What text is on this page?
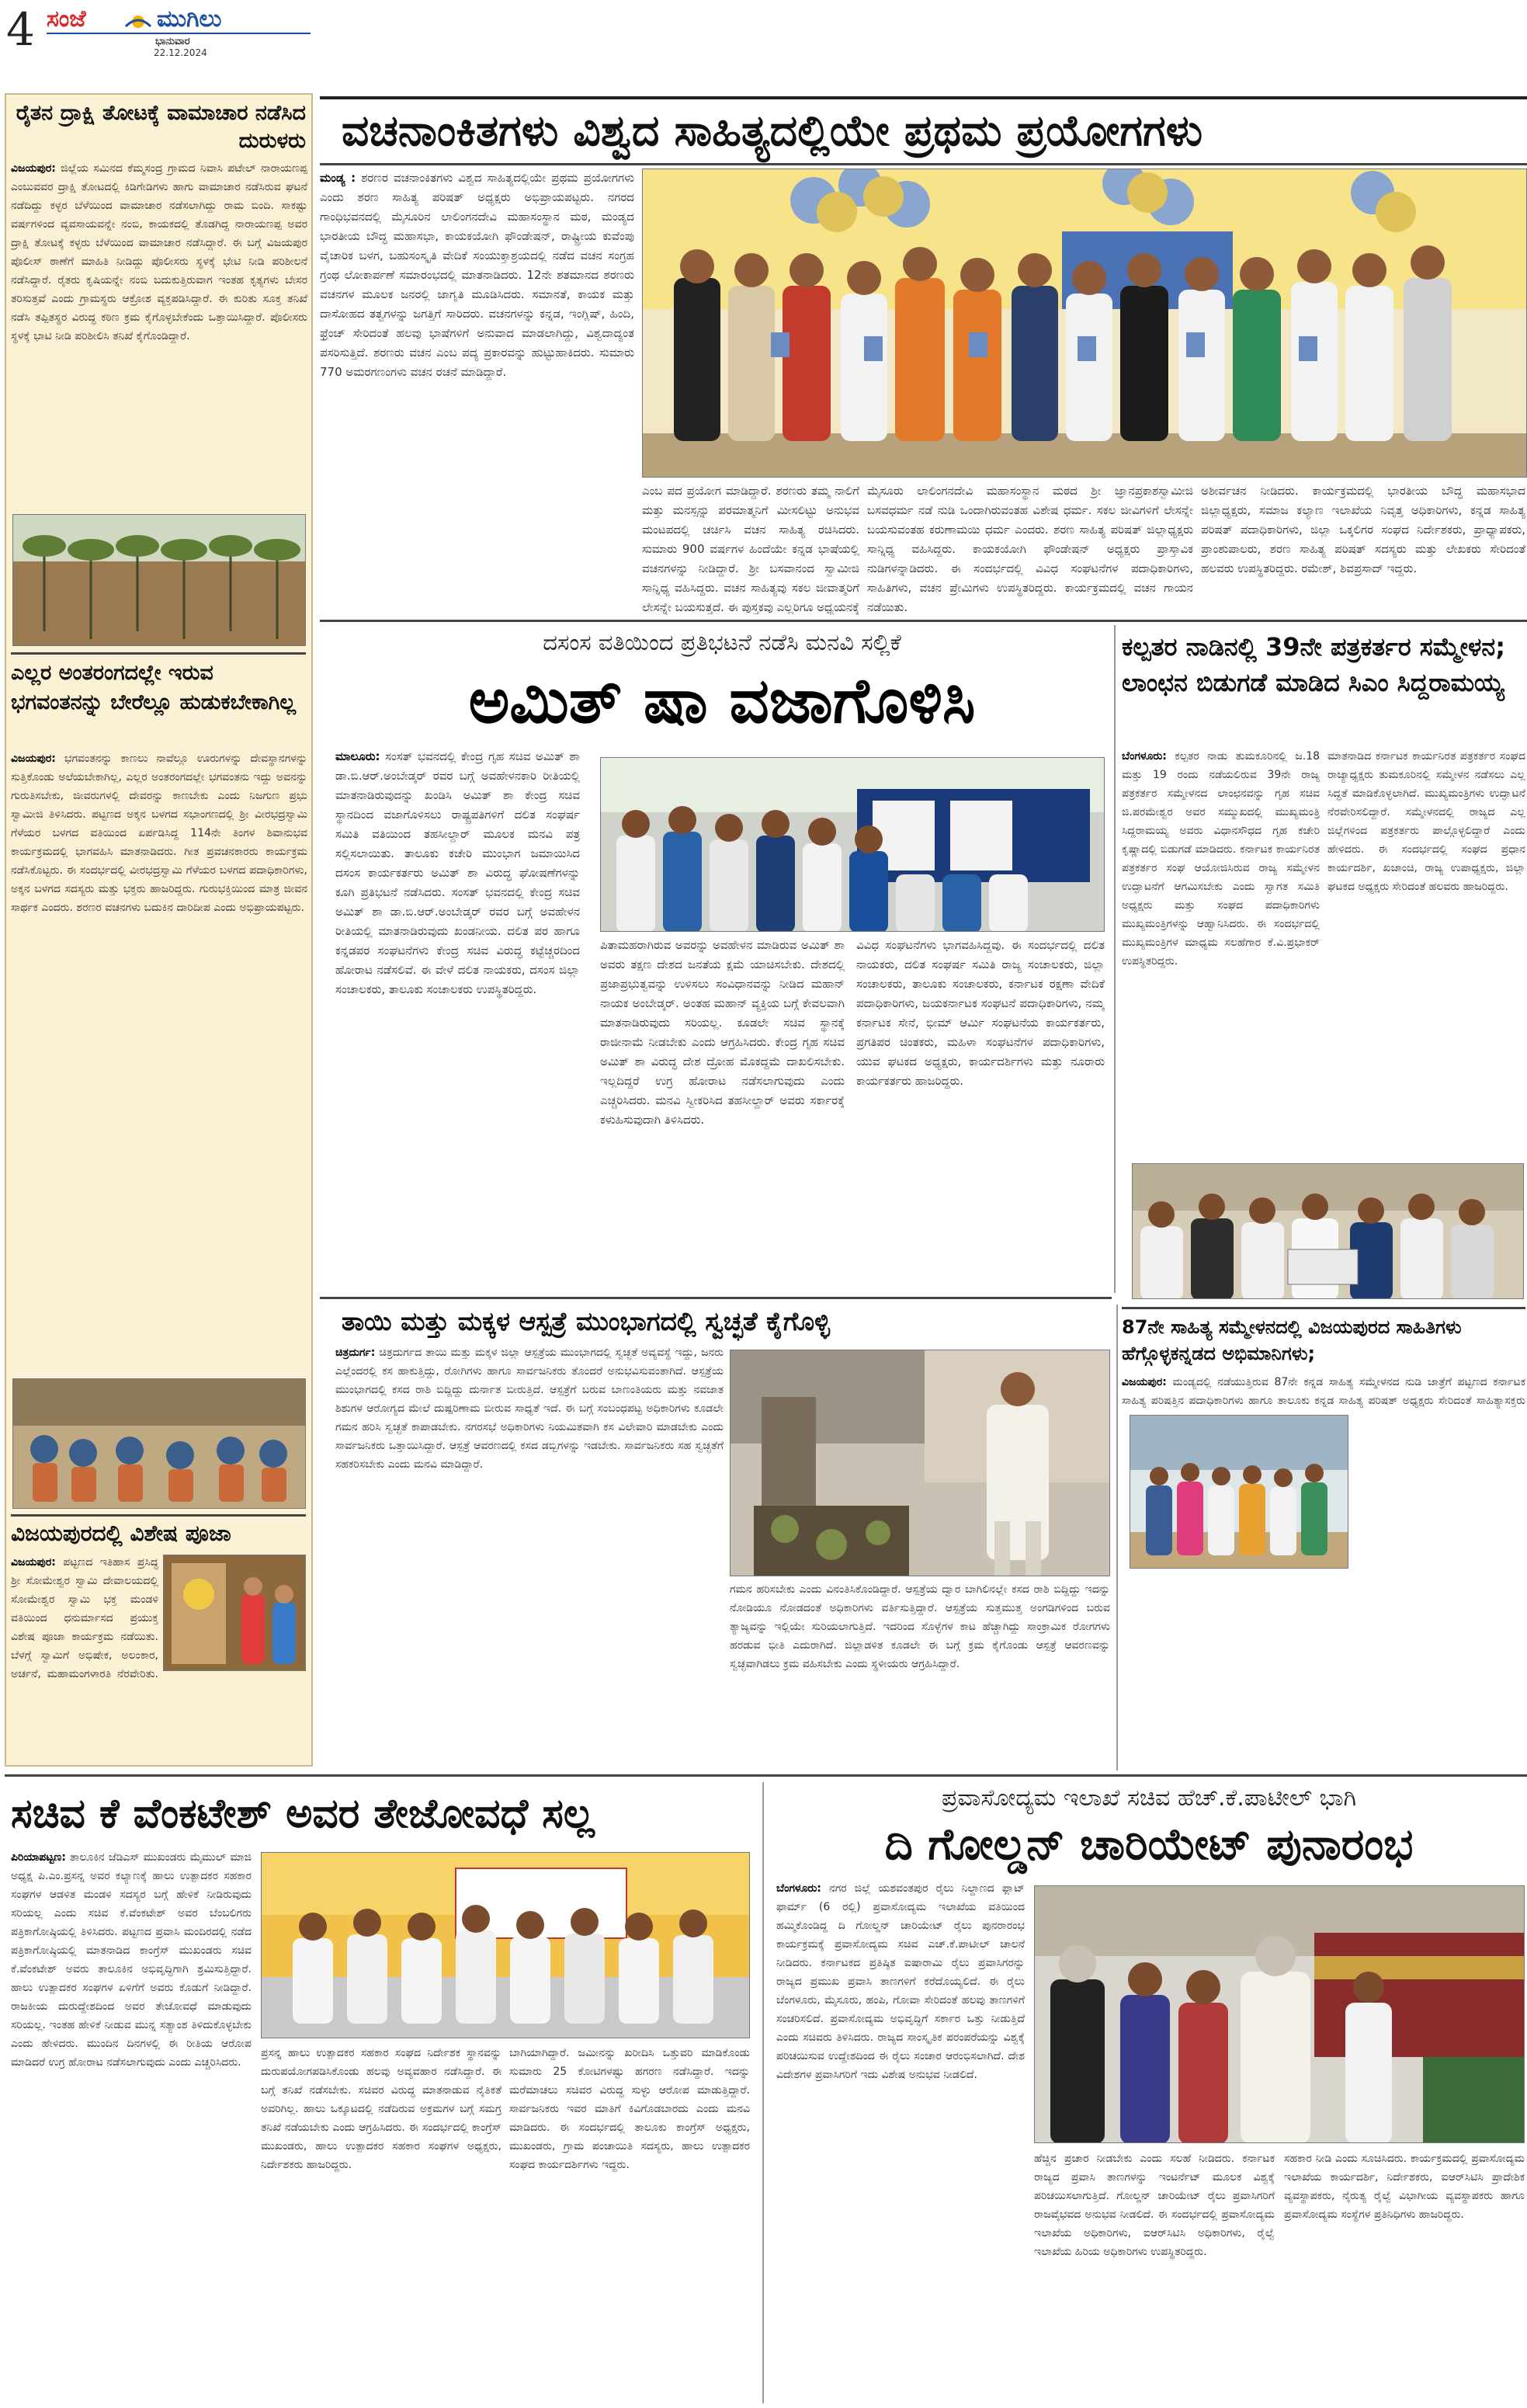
4 ಸಂಜೆ	ಮುಗಿಲು
ಭಾನುವಾರ
22.12.2024
ರೈತನ ದ್ರಾಕ್ಷಿ ತೋಟಕ್ಕೆ ವಾಮಾಚಾರ ನಡೆಸಿದ ದುರುಳರು
ವಿಜಯಪುರ: ಜಿಲ್ಲೆಯ ಸವಿುನದ ಕೆಮ್ಮಸಂದ್ರ ಗ್ರಾಮದ ನಿವಾಸಿ ಪಟೇಲ್ ನಾರಾಯಣಪ್ಪ ಎಂಬುವವರ ದ್ರಾಕ್ಷಿ ತೋಟದಲ್ಲಿ ಕಿಡಿಗೇಡಿಗಳು ಹಾಗು ವಾಮಾಚಾರ ನಡೆಸಿರುವ ಘಟನೆ ನಡೆದಿದ್ದು ಕಳ್ಳರ ಬೆಳೆಯಿಂದ ವಾಮಾಚಾರ ನಡೆಸಲಾಗಿದ್ದು ರಾಮ ಬಿಂದಿ. ಸಾಕಷ್ಟು ವರ್ಷಗಳಿಂದ ವ್ಯವಸಾಯವನ್ನೇ ನಂಬಿ, ಕಾಯಕದಲ್ಲಿ ತೊಡಗಿದ್ದ ನಾರಾಯಣಪ್ಪ ಅವರ ದ್ರಾಕ್ಷಿ ತೋಟಕ್ಕೆ ಕಳ್ಳರು ಬೆಳೆಯಿಂದ ವಾಮಾಚಾರ ನಡೆಸಿದ್ದಾರೆ. ಈ ಬಗ್ಗೆ ವಿಜಯಪುರ ಪೊಲೀಸ್ ಠಾಣೆಗೆ ಮಾಹಿತಿ ನೀಡಿದ್ದು ಪೊಲೀಸರು ಸ್ಥಳಕ್ಕೆ ಭೇಟಿ ನೀಡಿ ಪರಿಶೀಲನೆ ನಡೆಸಿದ್ದಾರೆ. ರೈತರು ಕೃಷಿಯನ್ನೇ ನಂಬಿ ಬದುಕುತ್ತಿರುವಾಗ ಇಂತಹ ಕೃತ್ಯಗಳು ಬೇಸರ ತರಿಸುತ್ತವೆ ಎಂದು ಗ್ರಾಮಸ್ಥರು ಆಕ್ರೋಶ ವ್ಯಕ್ತಪಡಿಸಿದ್ದಾರೆ. ಈ ಕುರಿತು ಸೂಕ್ತ ತನಿಖೆ ನಡೆಸಿ ತಪ್ಪಿತಸ್ಥರ ವಿರುದ್ಧ ಕಠಿಣ ಕ್ರಮ ಕೈಗೊಳ್ಳಬೇಕೆಂದು ಒತ್ತಾಯಿಸಿದ್ದಾರೆ. ಪೊಲೀಸರು ಸ್ಥಳಕ್ಕೆ ಭಾಟಿ ನೀಡಿ ಪರಿಶೀಲಿಸಿ ತನಿಖೆ ಕೈಗೊಂಡಿದ್ದಾರೆ.
ಎಲ್ಲರ ಅಂತರಂಗದಲ್ಲೇ ಇರುವ ಭಗವಂತನನ್ನು ಬೇರೆಲ್ಲೂ ಹುಡುಕಬೇಕಾಗಿಲ್ಲ
ವಿಜಯಪುರ: ಭಗವಂತನನ್ನು ಕಾಣಲು ನಾವೆಲ್ಲೂ ಊರುಗಳನ್ನು ದೇವಸ್ಥಾನಗಳನ್ನು ಸುತ್ತಿಕೊಂಡು ಅಲೆಯಬೇಕಾಗಿಲ್ಲ, ಎಲ್ಲರ ಅಂತರಂಗದಲ್ಲೇ ಭಗವಂತನು ಇದ್ದು ಅವನನ್ನು ಗುರುತಿಸಬೇಕು, ಜೀವರುಗಳಲ್ಲಿ ದೇವರನ್ನು ಕಾಣಬೇಕು ಎಂದು ನಿಜಗುಣ ಪ್ರಭು ಸ್ವಾಮೀಜಿ ತಿಳಿಸಿದರು. ಪಟ್ಟಣದ ಅಕ್ಕನ ಬಳಗದ ಸಭಾಂಗಣದಲ್ಲಿ ಶ್ರೀ ವೀರಭದ್ರಸ್ವಾಮಿ ಗೆಳೆಯರ ಬಳಗದ ವತಿಯಿಂದ ಏರ್ಪಡಿಸಿದ್ದ 114ನೇ ತಿಂಗಳ ಶಿವಾನುಭವ ಕಾರ್ಯಕ್ರಮದಲ್ಲಿ ಭಾಗವಹಿಸಿ ಮಾತನಾಡಿದರು. ಗೀತ ಪ್ರವಚನಕಾರರು ಕಾರ್ಯಕ್ರಮ ನಡೆಸಿಕೊಟ್ಟರು. ಈ ಸಂದರ್ಭದಲ್ಲಿ ವೀರಭದ್ರಸ್ವಾಮಿ ಗೆಳೆಯರ ಬಳಗದ ಪದಾಧಿಕಾರಿಗಳು, ಅಕ್ಕನ ಬಳಗದ ಸದಸ್ಯರು ಮತ್ತು ಭಕ್ತರು ಹಾಜರಿದ್ದರು. ಗುರುಭಕ್ತಿಯಿಂದ ಮಾತ್ರ ಜೀವನ ಸಾರ್ಥಕ ಎಂದರು. ಶರಣರ ವಚನಗಳು ಬದುಕಿನ ದಾರಿದೀಪ ಎಂದು ಅಭಿಪ್ರಾಯಪಟ್ಟರು.
ವಿಜಯಪುರದಲ್ಲಿ ವಿಶೇಷ ಪೂಜಾ
ವಿಜಯಪುರ: ಪಟ್ಟಣದ ಇತಿಹಾಸ ಪ್ರಸಿದ್ಧ ಶ್ರೀ ಸೋಮೇಶ್ವರ ಸ್ವಾಮಿ ದೇವಾಲಯದಲ್ಲಿ ಸೋಮೇಶ್ವರ ಸ್ವಾಮಿ ಭಕ್ತ ಮಂಡಳಿ ವತಿಯಿಂದ ಧನುರ್ಮಾಸದ ಪ್ರಯುಕ್ತ ವಿಶೇಷ ಪೂಜಾ ಕಾರ್ಯಕ್ರಮ ನಡೆಯಿತು. ಬೆಳಗ್ಗೆ ಸ್ವಾಮಿಗೆ ಅಭಿಷೇಕ, ಅಲಂಕಾರ, ಅರ್ಚನೆ, ಮಹಾಮಂಗಳಾರತಿ ನೆರವೇರಿತು.
ವಚನಾಂಕಿತಗಳು ವಿಶ್ವದ ಸಾಹಿತ್ಯದಲ್ಲಿಯೇ ಪ್ರಥಮ ಪ್ರಯೋಗಗಳು
ಮಂಡ್ಯ : ಶರಣರ ವಚನಾಂಕಿತಗಳು ವಿಶ್ವದ ಸಾಹಿತ್ಯದಲ್ಲಿಯೇ ಪ್ರಥಮ ಪ್ರಯೋಗಗಳು ಎಂದು ಶರಣ ಸಾಹಿತ್ಯ ಪರಿಷತ್ ಅಧ್ಯಕ್ಷರು ಅಭಿಪ್ರಾಯಪಟ್ಟರು. ನಗರದ ಗಾಂಧಿಭವನದಲ್ಲಿ ಮೈಸೂರಿನ ಲಾಲಿಂಗನದೇವಿ ಮಹಾಸಂಸ್ಥಾನ ಮಠ, ಮಂಡ್ಯದ ಭಾರತೀಯ ಬೌದ್ಧ ಮಹಾಸಭಾ, ಕಾಯಕಯೋಗಿ ಫೌಂಡೇಷನ್, ರಾಷ್ಟ್ರೀಯ ಕುವೆಂಪು ವೈಚಾರಿಕ ಬಳಗ, ಬಹುಸಂಸ್ಕೃತಿ ವೇದಿಕೆ ಸಂಯುಕ್ತಾಶ್ರಯದಲ್ಲಿ ನಡೆದ ವಚನ ಸಂಗ್ರಹ ಗ್ರಂಥ ಲೋಕಾರ್ಪಣೆ ಸಮಾರಂಭದಲ್ಲಿ ಮಾತನಾಡಿದರು. 12ನೇ ಶತಮಾನದ ಶರಣರು ವಚನಗಳ ಮೂಲಕ ಜನರಲ್ಲಿ ಜಾಗೃತಿ ಮೂಡಿಸಿದರು. ಸಮಾನತೆ, ಕಾಯಕ ಮತ್ತು ದಾಸೋಹದ ತತ್ವಗಳನ್ನು ಜಗತ್ತಿಗೆ ಸಾರಿದರು. ವಚನಗಳನ್ನು ಕನ್ನಡ, ಇಂಗ್ಲಿಷ್, ಹಿಂದಿ, ಫ್ರೆಂಚ್ ಸೇರಿದಂತೆ ಹಲವು ಭಾಷೆಗಳಿಗೆ ಅನುವಾದ ಮಾಡಲಾಗಿದ್ದು, ವಿಶ್ವದಾದ್ಯಂತ ಪಸರಿಸುತ್ತಿದೆ. ಶರಣರು ವಚನ ಎಂಬ ಪದ್ಯ ಪ್ರಕಾರವನ್ನು ಹುಟ್ಟುಹಾಕಿದರು. ಸುಮಾರು 770 ಅಮರಗಣಂಗಳು ವಚನ ರಚನೆ ಮಾಡಿದ್ದಾರೆ.
ಎಂಬ ಪದ ಪ್ರಯೋಗ ಮಾಡಿದ್ದಾರೆ. ಶರಣರು ತಮ್ಮ ನಾಲಿಗೆ ಮತ್ತು ಮನಸ್ಸನ್ನು ಪರಮಾತ್ಮನಿಗೆ ಮೀಸಲಿಟ್ಟು ಅನುಭವ ಮಂಟಪದಲ್ಲಿ ಚರ್ಚಿಸಿ ವಚನ ಸಾಹಿತ್ಯ ರಚಿಸಿದರು. ಸುಮಾರು 900 ವರ್ಷಗಳ ಹಿಂದೆಯೇ ಕನ್ನಡ ಭಾಷೆಯಲ್ಲಿ ವಚನಗಳನ್ನು ನೀಡಿದ್ದಾರೆ. ಶ್ರೀ ಬಸವಾನಂದ ಸ್ವಾಮೀಜಿ ಸಾನ್ನಿಧ್ಯ ವಹಿಸಿದ್ದರು. ವಚನ ಸಾಹಿತ್ಯವು ಸಕಲ ಜೀವಾತ್ಮರಿಗೆ ಲೇಸನ್ನೇ ಬಯಸುತ್ತದೆ. ಈ ಪುಸ್ತಕವು ಎಲ್ಲರಿಗೂ ಅಧ್ಯಯನಕ್ಕೆ
ಮೈಸೂರು ಲಾಲಿಂಗನದೇವಿ ಮಹಾಸಂಸ್ಥಾನ ಮಠದ ಶ್ರೀ ಜ್ಞಾನಪ್ರಕಾಶಸ್ವಾಮೀಜಿ ಬಸವಧರ್ಮ ನಡೆ ನುಡಿ ಒಂದಾಗಿರುವಂತಹ ವಿಶೇಷ ಧರ್ಮ. ಸಕಲ ಜೀವಿಗಳಿಗೆ ಲೇಸನ್ನೇ ಬಯಸುವಂತಹ ಕರುಣಾಮಯಿ ಧರ್ಮ ಎಂದರು. ಶರಣ ಸಾಹಿತ್ಯ ಪರಿಷತ್ ಜಿಲ್ಲಾಧ್ಯಕ್ಷರು ಸಾನ್ನಿಧ್ಯ ವಹಿಸಿದ್ದರು. ಕಾಯಕಯೋಗಿ ಫೌಂಡೇಷನ್ ಅಧ್ಯಕ್ಷರು ಪ್ರಾಸ್ತಾವಿಕ ನುಡಿಗಳನ್ನಾಡಿದರು. ಈ ಸಂದರ್ಭದಲ್ಲಿ ವಿವಿಧ ಸಂಘಟನೆಗಳ ಪದಾಧಿಕಾರಿಗಳು, ಸಾಹಿತಿಗಳು, ವಚನ ಪ್ರೇಮಿಗಳು ಉಪಸ್ಥಿತರಿದ್ದರು. ಕಾರ್ಯಕ್ರಮದಲ್ಲಿ ವಚನ ಗಾಯನ ನಡೆಯಿತು.
ಅಶೀರ್ವಚನ ನೀಡಿದರು. ಕಾರ್ಯಕ್ರಮದಲ್ಲಿ ಭಾರತೀಯ ಬೌದ್ಧ ಮಹಾಸಭಾದ ಜಿಲ್ಲಾಧ್ಯಕ್ಷರು, ಸಮಾಜ ಕಲ್ಯಾಣ ಇಲಾಖೆಯ ನಿವೃತ್ತ ಅಧಿಕಾರಿಗಳು, ಕನ್ನಡ ಸಾಹಿತ್ಯ ಪರಿಷತ್ ಪದಾಧಿಕಾರಿಗಳು, ಜಿಲ್ಲಾ ಒಕ್ಕಲಿಗರ ಸಂಘದ ನಿರ್ದೇಶಕರು, ಪ್ರಾಧ್ಯಾಪಕರು, ಪ್ರಾಂಶುಪಾಲರು, ಶರಣ ಸಾಹಿತ್ಯ ಪರಿಷತ್ ಸದಸ್ಯರು ಮತ್ತು ಲೇಖಕರು ಸೇರಿದಂತೆ ಹಲವರು ಉಪಸ್ಥಿತರಿದ್ದರು. ರಮೇಶ್, ಶಿವಪ್ರಸಾದ್ ಇದ್ದರು.
ದಸಂಸ ವತಿಯಿಂದ ಪ್ರತಿಭಟನೆ ನಡೆಸಿ ಮನವಿ ಸಲ್ಲಿಕೆ
ಅಮಿತ್ ಷಾ ವಜಾಗೊಳಿಸಿ
ಮಾಲೂರು: ಸಂಸತ್ ಭವನದಲ್ಲಿ ಕೇಂದ್ರ ಗೃಹ ಸಚಿವ ಅಮಿತ್ ಶಾ ಡಾ.ಬಿ.ಆರ್.ಅಂಬೇಡ್ಕರ್ ರವರ ಬಗ್ಗೆ ಅವಹೇಳನಕಾರಿ ರೀತಿಯಲ್ಲಿ ಮಾತನಾಡಿರುವುದನ್ನು ಖಂಡಿಸಿ ಅಮಿತ್ ಶಾ ಕೇಂದ್ರ ಸಚಿವ ಸ್ಥಾನದಿಂದ ವಜಾಗೊಳಿಸಲು ರಾಷ್ಟ್ರಪತಿಗಳಿಗೆ ದಲಿತ ಸಂಘರ್ಷ ಸಮಿತಿ ವತಿಯಿಂದ ತಹಸೀಲ್ದಾರ್ ಮೂಲಕ ಮನವಿ ಪತ್ರ ಸಲ್ಲಿಸಲಾಯಿತು. ತಾಲೂಕು ಕಚೇರಿ ಮುಂಭಾಗ ಜಮಾಯಿಸಿದ ದಸಂಸ ಕಾರ್ಯಕರ್ತರು ಅಮಿತ್ ಶಾ ವಿರುದ್ಧ ಘೋಷಣೆಗಳನ್ನು ಕೂಗಿ ಪ್ರತಿಭಟನೆ ನಡೆಸಿದರು. ಸಂಸತ್ ಭವನದಲ್ಲಿ ಕೇಂದ್ರ ಸಚಿವ ಅಮಿತ್ ಶಾ ಡಾ.ಬಿ.ಆರ್.ಅಂಬೇಡ್ಕರ್ ರವರ ಬಗ್ಗೆ ಅವಹೇಳನ ರೀತಿಯಲ್ಲಿ ಮಾತನಾಡಿರುವುದು ಖಂಡನೀಯ. ದಲಿತ ಪರ ಹಾಗೂ ಕನ್ನಡಪರ ಸಂಘಟನೆಗಳು ಕೇಂದ್ರ ಸಚಿವ ವಿರುದ್ಧ ಕಟ್ಟೆಚ್ಚರದಿಂದ ಹೋರಾಟ ನಡೆಸಲಿವೆ. ಈ ವೇಳೆ ದಲಿತ ನಾಯಕರು, ದಸಂಸ ಜಿಲ್ಲಾ ಸಂಚಾಲಕರು, ತಾಲೂಕು ಸಂಚಾಲಕರು ಉಪಸ್ಥಿತರಿದ್ದರು.
ಪಿತಾಮಹರಾಗಿರುವ ಅವರನ್ನು ಅವಹೇಳನ ಮಾಡಿರುವ ಅಮಿತ್ ಶಾ ಅವರು ತಕ್ಷಣ ದೇಶದ ಜನತೆಯ ಕ್ಷಮೆ ಯಾಚಿಸಬೇಕು. ದೇಶದಲ್ಲಿ ಪ್ರಜಾಪ್ರಭುತ್ವವನ್ನು ಉಳಿಸಲು ಸಂವಿಧಾನವನ್ನು ನೀಡಿದ ಮಹಾನ್ ನಾಯಕ ಅಂಬೇಡ್ಕರ್. ಅಂತಹ ಮಹಾನ್ ವ್ಯಕ್ತಿಯ ಬಗ್ಗೆ ಕೇವಲವಾಗಿ ಮಾತನಾಡಿರುವುದು ಸರಿಯಲ್ಲ. ಕೂಡಲೇ ಸಚಿವ ಸ್ಥಾನಕ್ಕೆ ರಾಜೀನಾಮೆ ನೀಡಬೇಕು ಎಂದು ಆಗ್ರಹಿಸಿದರು. ಕೇಂದ್ರ ಗೃಹ ಸಚಿವ ಅಮಿತ್ ಶಾ ವಿರುದ್ಧ ದೇಶ ದ್ರೋಹ ಮೊಕದ್ದಮೆ ದಾಖಲಿಸಬೇಕು. ಇಲ್ಲದಿದ್ದರೆ ಉಗ್ರ ಹೋರಾಟ ನಡೆಸಲಾಗುವುದು ಎಂದು ಎಚ್ಚರಿಸಿದರು. ಮನವಿ ಸ್ವೀಕರಿಸಿದ ತಹಸೀಲ್ದಾರ್ ಅವರು ಸರ್ಕಾರಕ್ಕೆ ಕಳುಹಿಸುವುದಾಗಿ ತಿಳಿಸಿದರು.
ವಿವಿಧ ಸಂಘಟನೆಗಳು ಭಾಗವಹಿಸಿದ್ದವು. ಈ ಸಂದರ್ಭದಲ್ಲಿ ದಲಿತ ನಾಯಕರು, ದಲಿತ ಸಂಘರ್ಷ ಸಮಿತಿ ರಾಜ್ಯ ಸಂಚಾಲಕರು, ಜಿಲ್ಲಾ ಸಂಚಾಲಕರು, ತಾಲೂಕು ಸಂಚಾಲಕರು, ಕರ್ನಾಟಕ ರಕ್ಷಣಾ ವೇದಿಕೆ ಪದಾಧಿಕಾರಿಗಳು, ಜಯಕರ್ನಾಟಕ ಸಂಘಟನೆ ಪದಾಧಿಕಾರಿಗಳು, ನಮ್ಮ ಕರ್ನಾಟಕ ಸೇನೆ, ಭೀಮ್ ಆರ್ಮಿ ಸಂಘಟನೆಯ ಕಾರ್ಯಕರ್ತರು, ಪ್ರಗತಿಪರ ಚಿಂತಕರು, ಮಹಿಳಾ ಸಂಘಟನೆಗಳ ಪದಾಧಿಕಾರಿಗಳು, ಯುವ ಘಟಕದ ಅಧ್ಯಕ್ಷರು, ಕಾರ್ಯದರ್ಶಿಗಳು ಮತ್ತು ನೂರಾರು ಕಾರ್ಯಕರ್ತರು ಹಾಜರಿದ್ದರು.
ಕಲ್ಪತರ ನಾಡಿನಲ್ಲಿ 39ನೇ ಪತ್ರಕರ್ತರ ಸಮ್ಮೇಳನ; ಲಾಂಛನ ಬಿಡುಗಡೆ ಮಾಡಿದ ಸಿಎಂ ಸಿದ್ದರಾಮಯ್ಯ
ಬೆಂಗಳೂರು: ಕಲ್ಪತರ ನಾಡು ತುಮಕೂರಿನಲ್ಲಿ ಜ.18 ಮತ್ತು 19 ರಂದು ನಡೆಯಲಿರುವ 39ನೇ ರಾಜ್ಯ ಪತ್ರಕರ್ತರ ಸಮ್ಮೇಳನದ ಲಾಂಛನವನ್ನು ಗೃಹ ಸಚಿವ ಜಿ.ಪರಮೇಶ್ವರ ಅವರ ಸಮ್ಮುಖದಲ್ಲಿ ಮುಖ್ಯಮಂತ್ರಿ ಸಿದ್ದರಾಮಯ್ಯ ಅವರು ವಿಧಾನಸೌಧದ ಗೃಹ ಕಚೇರಿ ಕೃಷ್ಣಾದಲ್ಲಿ ಬಿಡುಗಡೆ ಮಾಡಿದರು. ಕರ್ನಾಟಕ ಕಾರ್ಯನಿರತ ಪತ್ರಕರ್ತರ ಸಂಘ ಆಯೋಜಿಸಿರುವ ರಾಜ್ಯ ಸಮ್ಮೇಳನ ಉದ್ಘಾಟನೆಗೆ ಆಗಮಿಸಬೇಕು ಎಂದು ಸ್ವಾಗತ ಸಮಿತಿ ಅಧ್ಯಕ್ಷರು ಮತ್ತು ಸಂಘದ ಪದಾಧಿಕಾರಿಗಳು ಮುಖ್ಯಮಂತ್ರಿಗಳನ್ನು ಆಹ್ವಾನಿಸಿದರು. ಈ ಸಂದರ್ಭದಲ್ಲಿ ಮುಖ್ಯಮಂತ್ರಿಗಳ ಮಾಧ್ಯಮ ಸಲಹೆಗಾರ ಕೆ.ವಿ.ಪ್ರಭಾಕರ್ ಉಪಸ್ಥಿತರಿದ್ದರು.
ಮಾತನಾಡಿದ ಕರ್ನಾಟಕ ಕಾರ್ಯನಿರತ ಪತ್ರಕರ್ತರ ಸಂಘದ ರಾಜ್ಯಾಧ್ಯಕ್ಷರು ತುಮಕೂರಿನಲ್ಲಿ ಸಮ್ಮೇಳನ ನಡೆಸಲು ಎಲ್ಲ ಸಿದ್ಧತೆ ಮಾಡಿಕೊಳ್ಳಲಾಗಿದೆ. ಮುಖ್ಯಮಂತ್ರಿಗಳು ಉದ್ಘಾಟನೆ ನೆರವೇರಿಸಲಿದ್ದಾರೆ. ಸಮ್ಮೇಳನದಲ್ಲಿ ರಾಜ್ಯದ ಎಲ್ಲ ಜಿಲ್ಲೆಗಳಿಂದ ಪತ್ರಕರ್ತರು ಪಾಲ್ಗೊಳ್ಳಲಿದ್ದಾರೆ ಎಂದು ಹೇಳಿದರು. ಈ ಸಂದರ್ಭದಲ್ಲಿ ಸಂಘದ ಪ್ರಧಾನ ಕಾರ್ಯದರ್ಶಿ, ಖಜಾಂಚಿ, ರಾಜ್ಯ ಉಪಾಧ್ಯಕ್ಷರು, ಜಿಲ್ಲಾ ಘಟಕದ ಅಧ್ಯಕ್ಷರು ಸೇರಿದಂತೆ ಹಲವರು ಹಾಜರಿದ್ದರು.
87ನೇ ಸಾಹಿತ್ಯ ಸಮ್ಮೇಳನದಲ್ಲಿ ವಿಜಯಪುರದ ಸಾಹಿತಿಗಳು ಹೆಗ್ಗೊಳ್ಳಕನ್ನಡದ ಅಭಿಮಾನಿಗಳು;
ವಿಜಯಪುರ: ಮಂಡ್ಯದಲ್ಲಿ ನಡೆಯುತ್ತಿರುವ 87ನೇ ಕನ್ನಡ ಸಾಹಿತ್ಯ ಸಮ್ಮೇಳನದ ನುಡಿ ಜಾತ್ರೆಗೆ ಪಟ್ಟಣದ ಕರ್ನಾಟಕ ಸಾಹಿತ್ಯ ಪರಿಷತ್ತಿನ ಪದಾಧಿಕಾರಿಗಳು ಹಾಗೂ ತಾಲೂಕು ಕನ್ನಡ ಸಾಹಿತ್ಯ ಪರಿಷತ್ ಅಧ್ಯಕ್ಷರು ಸೇರಿದಂತೆ ಸಾಹಿತ್ಯಾಸಕ್ತರು
ತಾಯಿ ಮತ್ತು ಮಕ್ಕಳ ಆಸ್ಪತ್ರೆ ಮುಂಭಾಗದಲ್ಲಿ ಸ್ವಚ್ಛತೆ ಕೈಗೊಳ್ಳಿ
ಚಿತ್ರದುರ್ಗ: ಚಿತ್ರದುರ್ಗದ ತಾಯಿ ಮತ್ತು ಮಕ್ಕಳ ಜಿಲ್ಲಾ ಆಸ್ಪತ್ರೆಯ ಮುಂಭಾಗದಲ್ಲಿ ಸ್ವಚ್ಛತೆ ಅವ್ಯವಸ್ಥೆ ಇದ್ದು, ಜನರು ಎಲ್ಲೆಂದರಲ್ಲಿ ಕಸ ಹಾಕುತ್ತಿದ್ದು, ರೋಗಿಗಳು ಹಾಗೂ ಸಾರ್ವಜನಿಕರು ತೊಂದರೆ ಅನುಭವಿಸುವಂತಾಗಿದೆ. ಆಸ್ಪತ್ರೆಯ ಮುಂಭಾಗದಲ್ಲಿ ಕಸದ ರಾಶಿ ಬಿದ್ದಿದ್ದು ದುರ್ನಾತ ಬೀರುತ್ತಿದೆ. ಆಸ್ಪತ್ರೆಗೆ ಬರುವ ಬಾಣಂತಿಯರು ಮತ್ತು ನವಜಾತ ಶಿಶುಗಳ ಆರೋಗ್ಯದ ಮೇಲೆ ದುಷ್ಪರಿಣಾಮ ಬೀರುವ ಸಾಧ್ಯತೆ ಇದೆ. ಈ ಬಗ್ಗೆ ಸಂಬಂಧಪಟ್ಟ ಅಧಿಕಾರಿಗಳು ಕೂಡಲೇ ಗಮನ ಹರಿಸಿ ಸ್ವಚ್ಛತೆ ಕಾಪಾಡಬೇಕು. ನಗರಸಭೆ ಅಧಿಕಾರಿಗಳು ನಿಯಮಿತವಾಗಿ ಕಸ ವಿಲೇವಾರಿ ಮಾಡಬೇಕು ಎಂದು ಸಾರ್ವಜನಿಕರು ಒತ್ತಾಯಿಸಿದ್ದಾರೆ. ಆಸ್ಪತ್ರೆ ಆವರಣದಲ್ಲಿ ಕಸದ ಡಬ್ಬಿಗಳನ್ನು ಇಡಬೇಕು. ಸಾರ್ವಜನಿಕರು ಸಹ ಸ್ವಚ್ಛತೆಗೆ ಸಹಕರಿಸಬೇಕು ಎಂದು ಮನವಿ ಮಾಡಿದ್ದಾರೆ.
ಗಮನ ಹರಿಸಬೇಕು ಎಂದು ವಿನಂತಿಸಿಕೊಂಡಿದ್ದಾರೆ. ಆಸ್ಪತ್ರೆಯ ದ್ವಾರ ಬಾಗಿಲಿನಲ್ಲೇ ಕಸದ ರಾಶಿ ಬಿದ್ದಿದ್ದು ಇದನ್ನು ನೋಡಿಯೂ ನೋಡದಂತೆ ಅಧಿಕಾರಿಗಳು ವರ್ತಿಸುತ್ತಿದ್ದಾರೆ. ಆಸ್ಪತ್ರೆಯ ಸುತ್ತಮುತ್ತ ಅಂಗಡಿಗಳಿಂದ ಬರುವ ತ್ಯಾಜ್ಯವನ್ನು ಇಲ್ಲಿಯೇ ಸುರಿಯಲಾಗುತ್ತಿದೆ. ಇದರಿಂದ ಸೊಳ್ಳೆಗಳ ಕಾಟ ಹೆಚ್ಚಾಗಿದ್ದು ಸಾಂಕ್ರಾಮಿಕ ರೋಗಗಳು ಹರಡುವ ಭೀತಿ ಎದುರಾಗಿದೆ. ಜಿಲ್ಲಾಡಳಿತ ಕೂಡಲೇ ಈ ಬಗ್ಗೆ ಕ್ರಮ ಕೈಗೊಂಡು ಆಸ್ಪತ್ರೆ ಆವರಣವನ್ನು ಸ್ವಚ್ಛವಾಗಿಡಲು ಕ್ರಮ ವಹಿಸಬೇಕು ಎಂದು ಸ್ಥಳೀಯರು ಆಗ್ರಹಿಸಿದ್ದಾರೆ.
ಸಚಿವ ಕೆ ವೆಂಕಟೇಶ್ ಅವರ ತೇಜೋವಧೆ ಸಲ್ಲ
ಪಿರಿಯಾಪಟ್ಟಣ: ತಾಲೂಕಿನ ಜೆಡಿಎಸ್ ಮುಖಂಡರು ಮೈಮುಲ್ ಮಾಜಿ ಅಧ್ಯಕ್ಷ ಪಿ.ಎಂ.ಪ್ರಸನ್ನ ಅವರ ಕಲ್ಯಾಣಕ್ಕೆ ಹಾಲು ಉತ್ಪಾದಕರ ಸಹಕಾರ ಸಂಘಗಳ ಆಡಳಿತ ಮಂಡಳಿ ಸದಸ್ಯರ ಬಗ್ಗೆ ಹೇಳಿಕೆ ನೀಡಿರುವುದು ಸರಿಯಲ್ಲ ಎಂದು ಸಚಿವ ಕೆ.ವೆಂಕಟೇಶ್ ಅವರ ಬೆಂಬಲಿಗರು ಪತ್ರಿಕಾಗೋಷ್ಠಿಯಲ್ಲಿ ತಿಳಿಸಿದರು. ಪಟ್ಟಣದ ಪ್ರವಾಸಿ ಮಂದಿರದಲ್ಲಿ ನಡೆದ ಪತ್ರಿಕಾಗೋಷ್ಠಿಯಲ್ಲಿ ಮಾತನಾಡಿದ ಕಾಂಗ್ರೆಸ್ ಮುಖಂಡರು ಸಚಿವ ಕೆ.ವೆಂಕಟೇಶ್ ಅವರು ತಾಲೂಕಿನ ಅಭಿವೃದ್ಧಿಗಾಗಿ ಶ್ರಮಿಸುತ್ತಿದ್ದಾರೆ. ಹಾಲು ಉತ್ಪಾದಕರ ಸಂಘಗಳ ಏಳಿಗೆಗೆ ಅವರು ಕೊಡುಗೆ ನೀಡಿದ್ದಾರೆ. ರಾಜಕೀಯ ದುರುದ್ದೇಶದಿಂದ ಅವರ ತೇಜೋವಧೆ ಮಾಡುವುದು ಸರಿಯಲ್ಲ. ಇಂತಹ ಹೇಳಿಕೆ ನೀಡುವ ಮುನ್ನ ಸತ್ಯಾಂಶ ತಿಳಿದುಕೊಳ್ಳಬೇಕು ಎಂದು ಹೇಳಿದರು. ಮುಂದಿನ ದಿನಗಳಲ್ಲಿ ಈ ರೀತಿಯ ಆರೋಪ ಮಾಡಿದರೆ ಉಗ್ರ ಹೋರಾಟ ನಡೆಸಲಾಗುವುದು ಎಂದು ಎಚ್ಚರಿಸಿದರು.
ಪ್ರಸನ್ನ ಹಾಲು ಉತ್ಪಾದಕರ ಸಹಕಾರ ಸಂಘದ ನಿರ್ದೇಶಕ ಸ್ಥಾನವನ್ನು ದುರುಪಯೋಗಪಡಿಸಿಕೊಂಡು ಹಲವು ಅವ್ಯವಹಾರ ನಡೆಸಿದ್ದಾರೆ. ಈ ಬಗ್ಗೆ ತನಿಖೆ ನಡೆಸಬೇಕು. ಸಚಿವರ ವಿರುದ್ಧ ಮಾತನಾಡುವ ನೈತಿಕತೆ ಅವರಿಗಿಲ್ಲ. ಹಾಲು ಒಕ್ಕೂಟದಲ್ಲಿ ನಡೆದಿರುವ ಅಕ್ರಮಗಳ ಬಗ್ಗೆ ಸಮಗ್ರ ತನಿಖೆ ನಡೆಯಬೇಕು ಎಂದು ಆಗ್ರಹಿಸಿದರು. ಈ ಸಂದರ್ಭದಲ್ಲಿ ಕಾಂಗ್ರೆಸ್ ಮುಖಂಡರು, ಹಾಲು ಉತ್ಪಾದಕರ ಸಹಕಾರ ಸಂಘಗಳ ಅಧ್ಯಕ್ಷರು, ನಿರ್ದೇಶಕರು ಹಾಜರಿದ್ದರು.
ಬಾಗಿಯಾಗಿದ್ದಾರೆ. ಜಮೀನನ್ನು ಖರೀದಿಸಿ ಒತ್ತುವರಿ ಮಾಡಿಕೊಂಡು ಸುಮಾರು 25 ಕೋಟಿಗಳಷ್ಟು ಹಗರಣ ನಡೆಸಿದ್ದಾರೆ. ಇದನ್ನು ಮರೆಮಾಚಲು ಸಚಿವರ ವಿರುದ್ಧ ಸುಳ್ಳು ಆರೋಪ ಮಾಡುತ್ತಿದ್ದಾರೆ. ಸಾರ್ವಜನಿಕರು ಇವರ ಮಾತಿಗೆ ಕಿವಿಗೊಡಬಾರದು ಎಂದು ಮನವಿ ಮಾಡಿದರು. ಈ ಸಂದರ್ಭದಲ್ಲಿ ತಾಲೂಕು ಕಾಂಗ್ರೆಸ್ ಅಧ್ಯಕ್ಷರು, ಮುಖಂಡರು, ಗ್ರಾಮ ಪಂಚಾಯಿತಿ ಸದಸ್ಯರು, ಹಾಲು ಉತ್ಪಾದಕರ ಸಂಘದ ಕಾರ್ಯದರ್ಶಿಗಳು ಇದ್ದರು.
ಪ್ರವಾಸೋದ್ಯಮ ಇಲಾಖೆ ಸಚಿವ ಹೆಚ್.ಕೆ.ಪಾಟೀಲ್ ಭಾಗಿ
ದಿ ಗೋಲ್ಡನ್ ಚಾರಿಯೇಟ್ ಪುನಾರಂಭ
ಬೆಂಗಳೂರು: ನಗರ ಜಿಲ್ಲೆ ಯಶವಂತಪುರ ರೈಲು ನಿಲ್ದಾಣದ ಫ್ಲಾಟ್ ಫಾರ್ಮ್ (6 ರಲ್ಲಿ) ಪ್ರವಾಸೋದ್ಯಮ ಇಲಾಖೆಯ ವತಿಯಿಂದ ಹಮ್ಮಿಕೊಂಡಿದ್ದ ದಿ ಗೋಲ್ಡನ್ ಚಾರಿಯೇಟ್ ರೈಲು ಪುನರಾರಂಭ ಕಾರ್ಯಕ್ರಮಕ್ಕೆ ಪ್ರವಾಸೋದ್ಯಮ ಸಚಿವ ಎಚ್.ಕೆ.ಪಾಟೀಲ್ ಚಾಲನೆ ನೀಡಿದರು. ಕರ್ನಾಟಕದ ಪ್ರತಿಷ್ಠಿತ ಐಷಾರಾಮಿ ರೈಲು ಪ್ರವಾಸಿಗರನ್ನು ರಾಜ್ಯದ ಪ್ರಮುಖ ಪ್ರವಾಸಿ ತಾಣಗಳಿಗೆ ಕರೆದೊಯ್ಯಲಿದೆ. ಈ ರೈಲು ಬೆಂಗಳೂರು, ಮೈಸೂರು, ಹಂಪಿ, ಗೋವಾ ಸೇರಿದಂತೆ ಹಲವು ತಾಣಗಳಿಗೆ ಸಂಚರಿಸಲಿದೆ. ಪ್ರವಾಸೋದ್ಯಮ ಅಭಿವೃದ್ಧಿಗೆ ಸರ್ಕಾರ ಒತ್ತು ನೀಡುತ್ತಿದೆ ಎಂದು ಸಚಿವರು ತಿಳಿಸಿದರು. ರಾಜ್ಯದ ಸಾಂಸ್ಕೃತಿಕ ಪರಂಪರೆಯನ್ನು ವಿಶ್ವಕ್ಕೆ ಪರಿಚಯಿಸುವ ಉದ್ದೇಶದಿಂದ ಈ ರೈಲು ಸಂಚಾರ ಆರಂಭಿಸಲಾಗಿದೆ. ದೇಶ ವಿದೇಶಗಳ ಪ್ರವಾಸಿಗರಿಗೆ ಇದು ವಿಶೇಷ ಅನುಭವ ನೀಡಲಿದೆ.
ಹೆಚ್ಚಿನ ಪ್ರಚಾರ ನೀಡಬೇಕು ಎಂದು ಸಲಹೆ ನೀಡಿದರು. ಕರ್ನಾಟಕ ರಾಜ್ಯದ ಪ್ರವಾಸಿ ತಾಣಗಳನ್ನು ಇಂಟರ್ನೆಟ್ ಮೂಲಕ ವಿಶ್ವಕ್ಕೆ ಪರಿಚಯಿಸಲಾಗುತ್ತಿದೆ. ಗೋಲ್ಡನ್ ಚಾರಿಯೇಟ್ ರೈಲು ಪ್ರವಾಸಿಗರಿಗೆ ರಾಜವೈಭವದ ಅನುಭವ ನೀಡಲಿದೆ. ಈ ಸಂದರ್ಭದಲ್ಲಿ ಪ್ರವಾಸೋದ್ಯಮ ಇಲಾಖೆಯ ಅಧಿಕಾರಿಗಳು, ಐಆರ್‌ಸಿಟಿಸಿ ಅಧಿಕಾರಿಗಳು, ರೈಲ್ವೆ ಇಲಾಖೆಯ ಹಿರಿಯ ಅಧಿಕಾರಿಗಳು ಉಪಸ್ಥಿತರಿದ್ದರು.
ಸಹಕಾರ ನೀಡಿ ಎಂದು ಸೂಚಿಸಿದರು. ಕಾರ್ಯಕ್ರಮದಲ್ಲಿ ಪ್ರವಾಸೋದ್ಯಮ ಇಲಾಖೆಯ ಕಾರ್ಯದರ್ಶಿ, ನಿರ್ದೇಶಕರು, ಐಆರ್‌ಸಿಟಿಸಿ ಪ್ರಾದೇಶಿಕ ವ್ಯವಸ್ಥಾಪಕರು, ನೈರುತ್ಯ ರೈಲ್ವೆ ವಿಭಾಗೀಯ ವ್ಯವಸ್ಥಾಪಕರು ಹಾಗೂ ಪ್ರವಾಸೋದ್ಯಮ ಸಂಸ್ಥೆಗಳ ಪ್ರತಿನಿಧಿಗಳು ಹಾಜರಿದ್ದರು.
